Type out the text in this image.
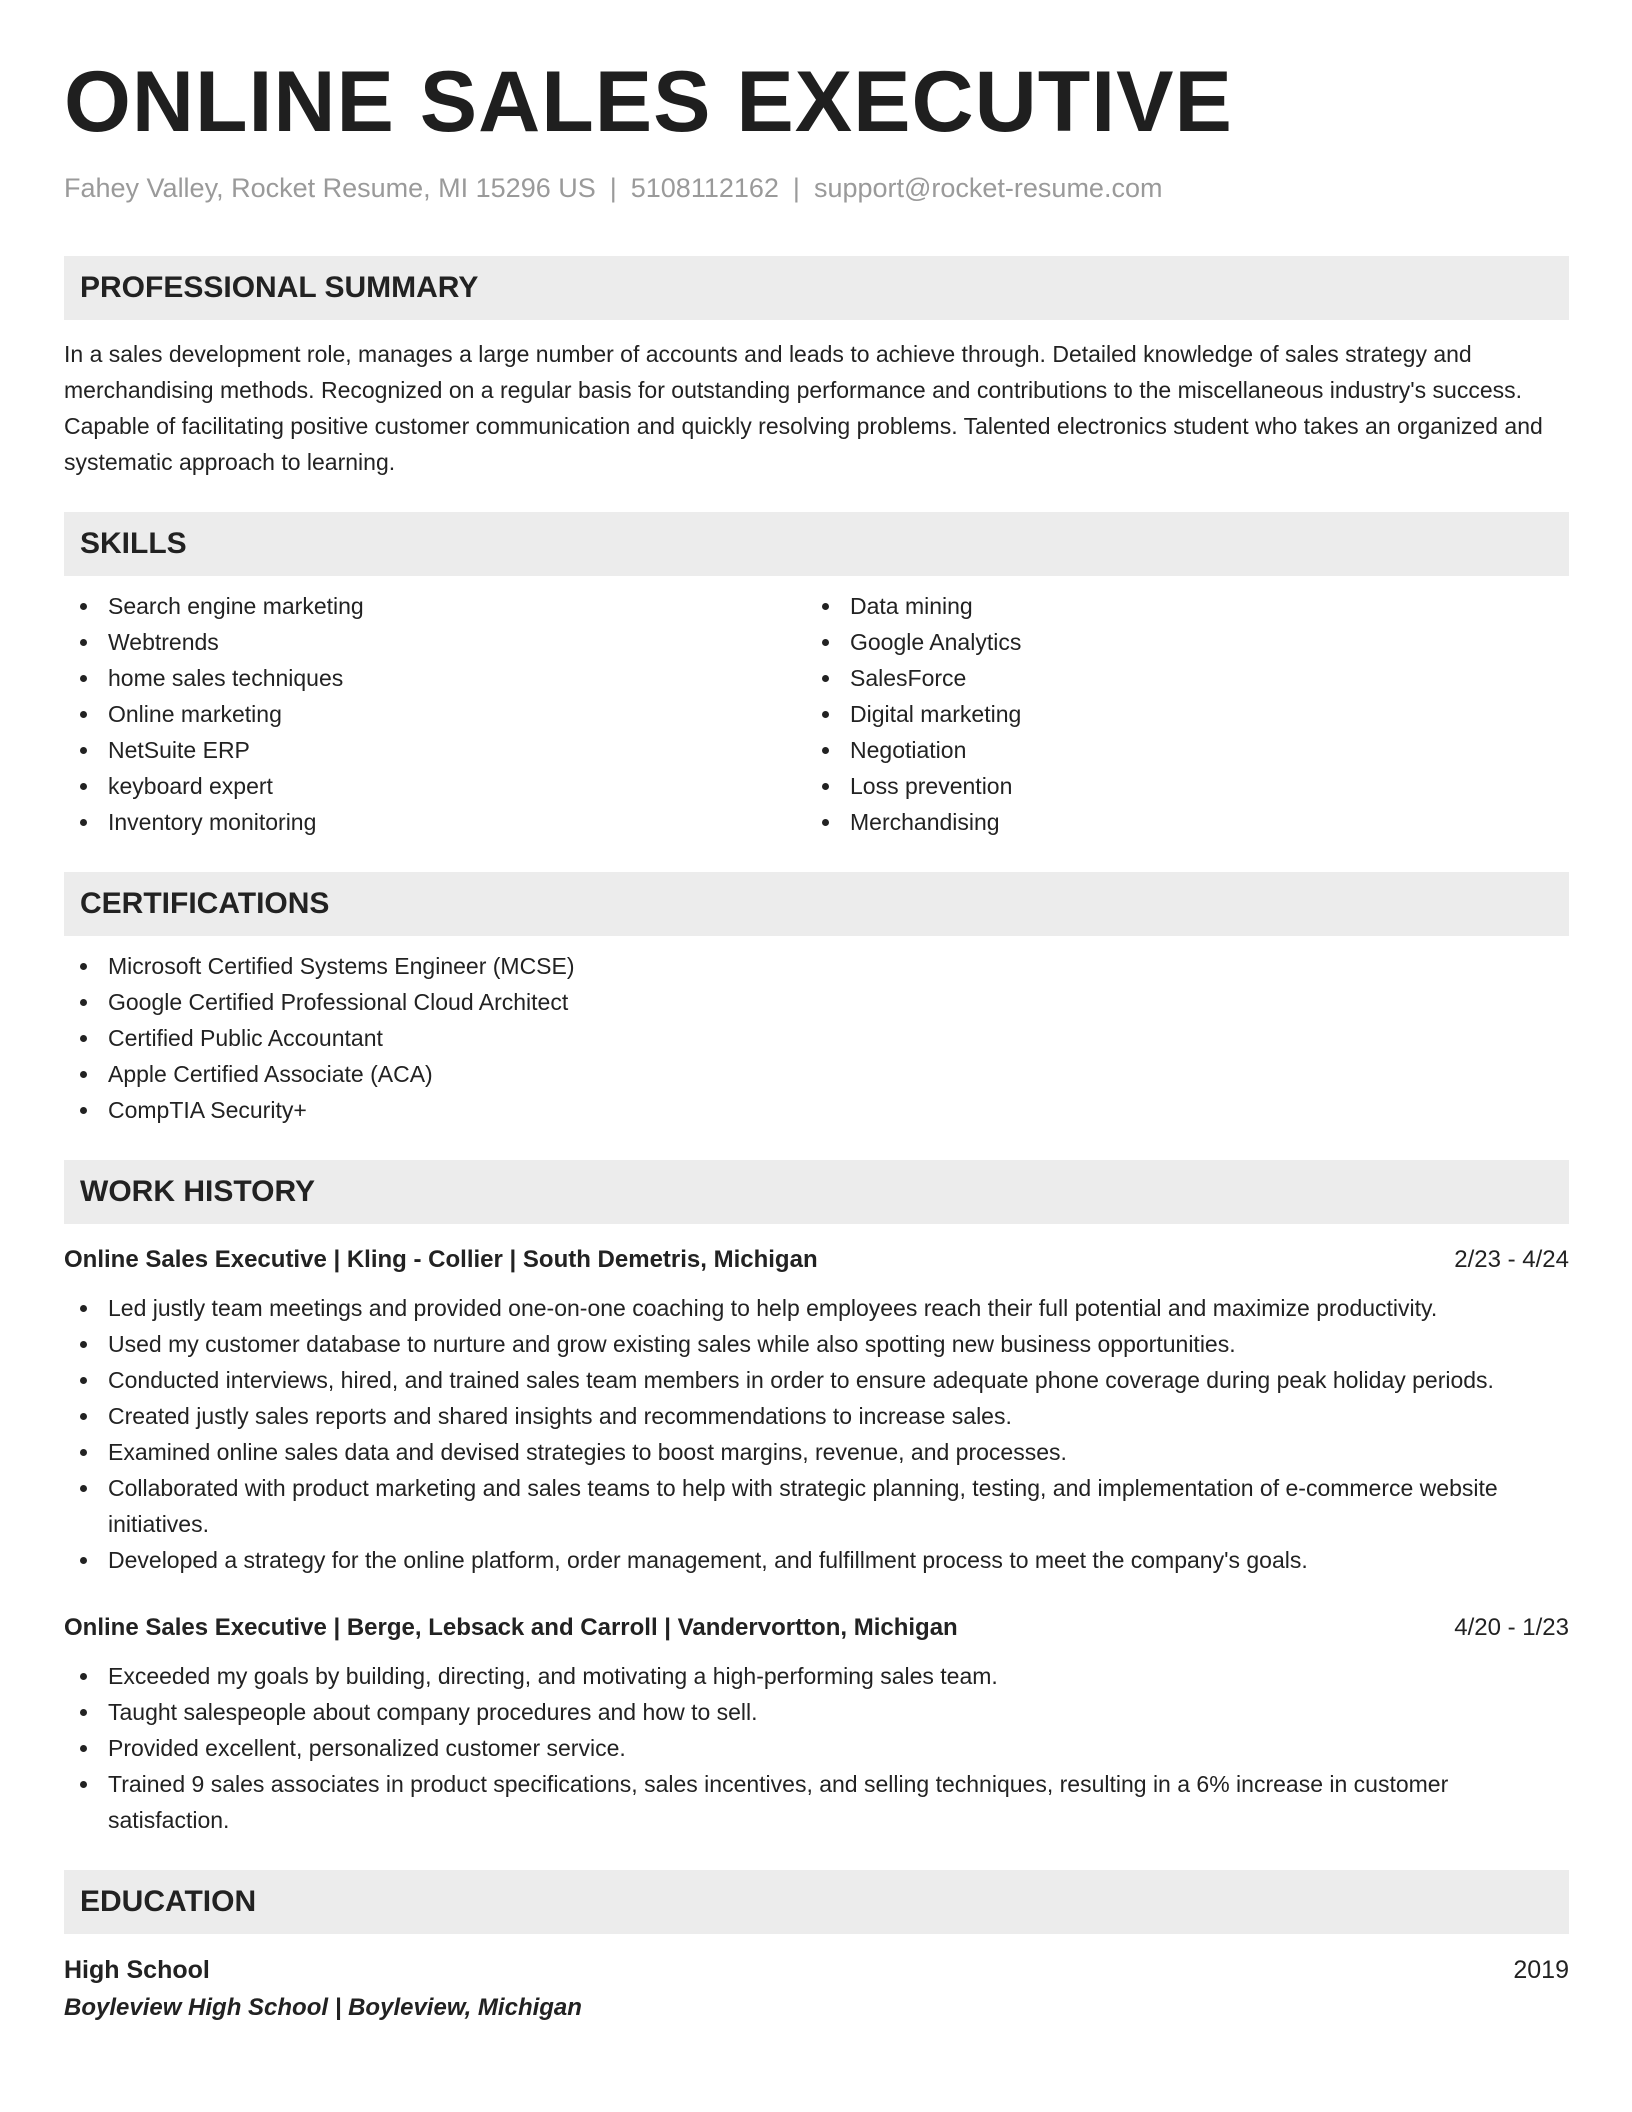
ONLINE SALES EXECUTIVE
Fahey Valley, Rocket Resume, MI 15296 US | 5108112162 | support@rocket-resume.com
PROFESSIONAL SUMMARY

In a sales development role, manages a large number of accounts and leads to achieve through. Detailed knowledge of sales strategy and merchandising methods. Recognized on a regular basis for outstanding performance and contributions to the miscellaneous industry's success. Capable of facilitating positive customer communication and quickly resolving problems. Talented electronics student who takes an organized and systematic approach to learning.

SKILLS
Search engine marketing
Webtrends
home sales techniques
Online marketing
NetSuite ERP
keyboard expert
Inventory monitoring
Data mining
Google Analytics
SalesForce
Digital marketing
Negotiation
Loss prevention
Merchandising
CERTIFICATIONS
Microsoft Certified Systems Engineer (MCSE)
Google Certified Professional Cloud Architect
Certified Public Accountant
Apple Certified Associate (ACA)
CompTIA Security+
WORK HISTORY
Online Sales Executive | Kling - Collier | South Demetris, Michigan	2/23 - 4/24
Led justly team meetings and provided one-on-one coaching to help employees reach their full potential and maximize productivity.
Used my customer database to nurture and grow existing sales while also spotting new business opportunities.
Conducted interviews, hired, and trained sales team members in order to ensure adequate phone coverage during peak holiday periods.
Created justly sales reports and shared insights and recommendations to increase sales.
Examined online sales data and devised strategies to boost margins, revenue, and processes.
Collaborated with product marketing and sales teams to help with strategic planning, testing, and implementation of e-commerce website initiatives.
Developed a strategy for the online platform, order management, and fulfillment process to meet the company's goals.
Online Sales Executive | Berge, Lebsack and Carroll | Vandervortton, Michigan	4/20 - 1/23
Exceeded my goals by building, directing, and motivating a high-performing sales team.
Taught salespeople about company procedures and how to sell.
Provided excellent, personalized customer service.
Trained 9 sales associates in product specifications, sales incentives, and selling techniques, resulting in a 6% increase in customer satisfaction.
EDUCATION
High School	2019
Boyleview High School | Boyleview, Michigan
